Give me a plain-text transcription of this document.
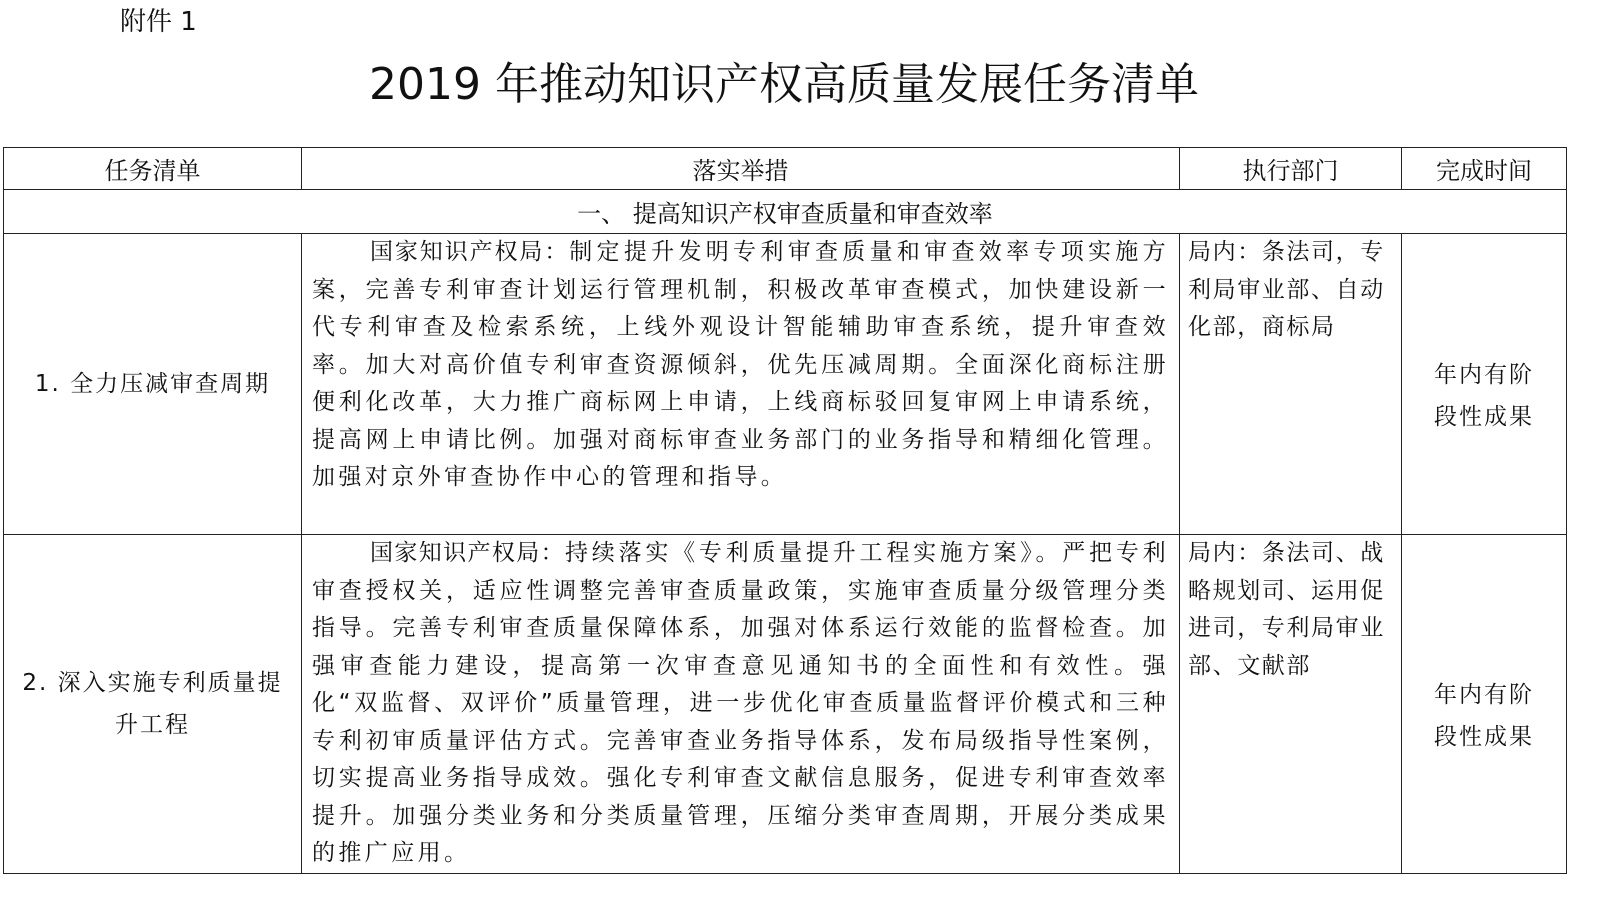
附件 1
2019 年推动知识产权高质量发展任务清单
任务清单	落实举措	执行部门	完成时间
一、 提高知识产权审查质量和审查效率			
1. 全力压减审查周期	国家知识产权局：制定提升发明专利审查质量和审查效率专项实施方案，完善专利审查计划运行管理机制，积极改革审查模式，加快建设新一代专利审查及检索系统，上线外观设计智能辅助审查系统，提升审查效率。加大对高价值专利审查资源倾斜，优先压减周期。全面深化商标注册便利化改革，大力推广商标网上申请，上线商标驳回复审网上申请系统，提高网上申请比例。加强对商标审查业务部门的业务指导和精细化管理。加强对京外审查协作中心的管理和指导。	局内：条法司，专利局审业部、自动化部，商标局	年内有阶段性成果

2. 深入实施专利质量提升工程	国家知识产权局：持续落实《专利质量提升工程实施方案》。严把专利审查授权关，适应性调整完善审查质量政策，实施审查质量分级管理分类指导。完善专利审查质量保障体系，加强对体系运行效能的监督检查。加强审查能力建设，提高第一次审查意见通知书的全面性和有效性。强化“双监督、双评价”质量管理，进一步优化审查质量监督评价模式和三种专利初审质量评估方式。完善审查业务指导体系，发布局级指导性案例，切实提高业务指导成效。强化专利审查文献信息服务，促进专利审查效率提升。加强分类业务和分类质量管理，压缩分类审查周期，开展分类成果的推广应用。	局内：条法司、战略规划司、运用促进司，专利局审业部、文献部	年内有阶段性成果
